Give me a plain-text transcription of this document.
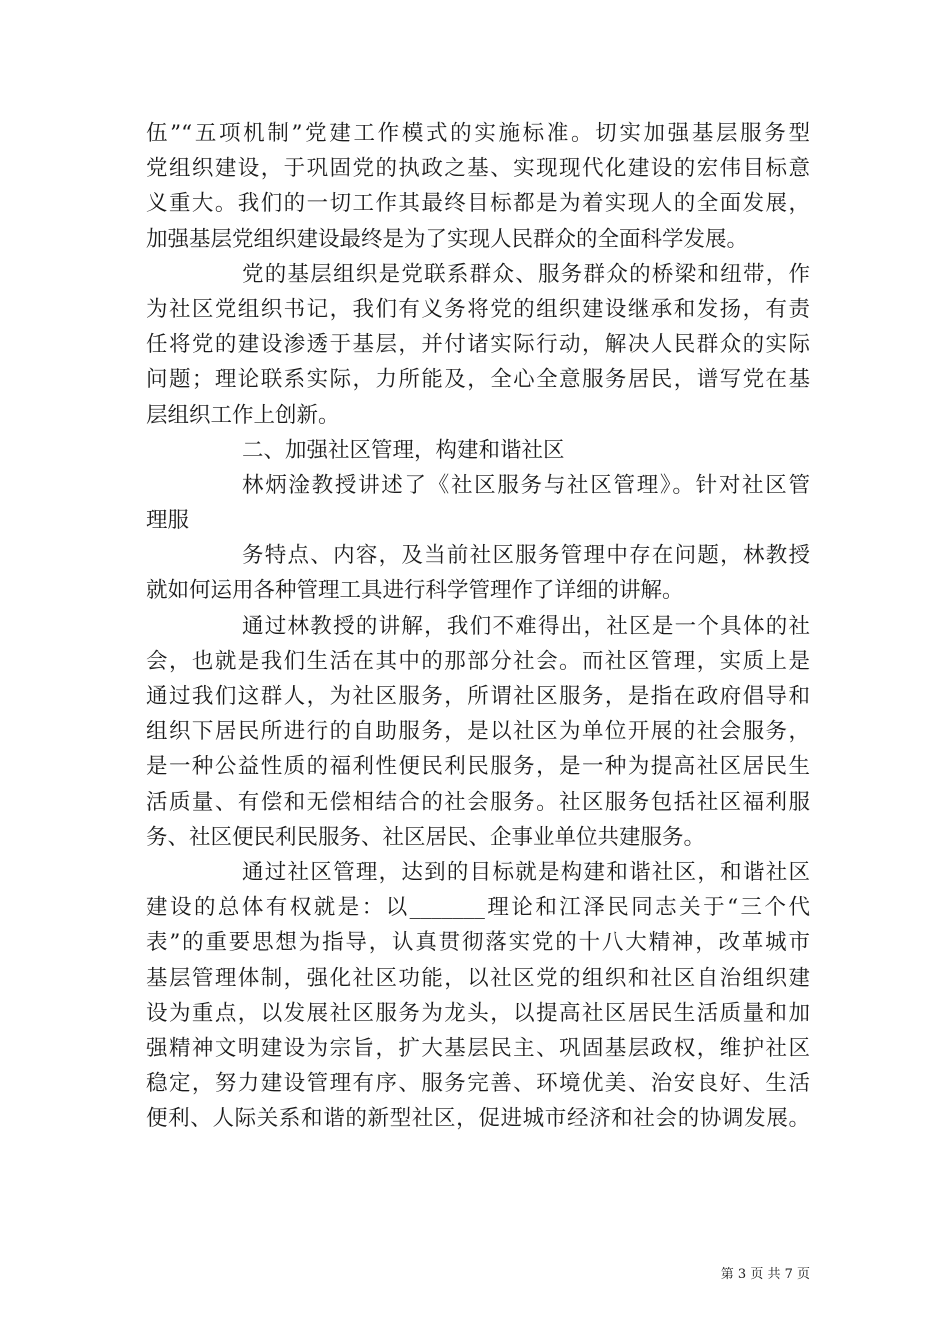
伍”“五项机制”党建工作模式的实施标准。切实加强基层服务型
党组织建设，于巩固党的执政之基、实现现代化建设的宏伟目标意
义重大。我们的一切工作其最终目标都是为着实现人的全面发展，
加强基层党组织建设最终是为了实现人民群众的全面科学发展。
党的基层组织是党联系群众、服务群众的桥梁和纽带，作
为社区党组织书记，我们有义务将党的组织建设继承和发扬，有责
任将党的建设渗透于基层，并付诸实际行动，解决人民群众的实际
问题；理论联系实际，力所能及，全心全意服务居民，谱写党在基
层组织工作上创新。
二、加强社区管理，构建和谐社区
林炳淦教授讲述了《社区服务与社区管理》。针对社区管
理服
务特点、内容，及当前社区服务管理中存在问题，林教授
就如何运用各种管理工具进行科学管理作了详细的讲解。
通过林教授的讲解，我们不难得出，社区是一个具体的社
会，也就是我们生活在其中的那部分社会。而社区管理，实质上是
通过我们这群人，为社区服务，所谓社区服务，是指在政府倡导和
组织下居民所进行的自助服务，是以社区为单位开展的社会服务，
是一种公益性质的福利性便民利民服务，是一种为提高社区居民生
活质量、有偿和无偿相结合的社会服务。社区服务包括社区福利服
务、社区便民利民服务、社区居民、企事业单位共建服务。
通过社区管理，达到的目标就是构建和谐社区，和谐社区
建设的总体有权就是：以_______理论和江泽民同志关于“三个代
表”的重要思想为指导，认真贯彻落实党的十八大精神，改革城市
基层管理体制，强化社区功能，以社区党的组织和社区自治组织建
设为重点，以发展社区服务为龙头，以提高社区居民生活质量和加
强精神文明建设为宗旨，扩大基层民主、巩固基层政权，维护社区
稳定，努力建设管理有序、服务完善、环境优美、治安良好、生活
便利、人际关系和谐的新型社区，促进城市经济和社会的协调发展。
第 3 页 共 7 页
